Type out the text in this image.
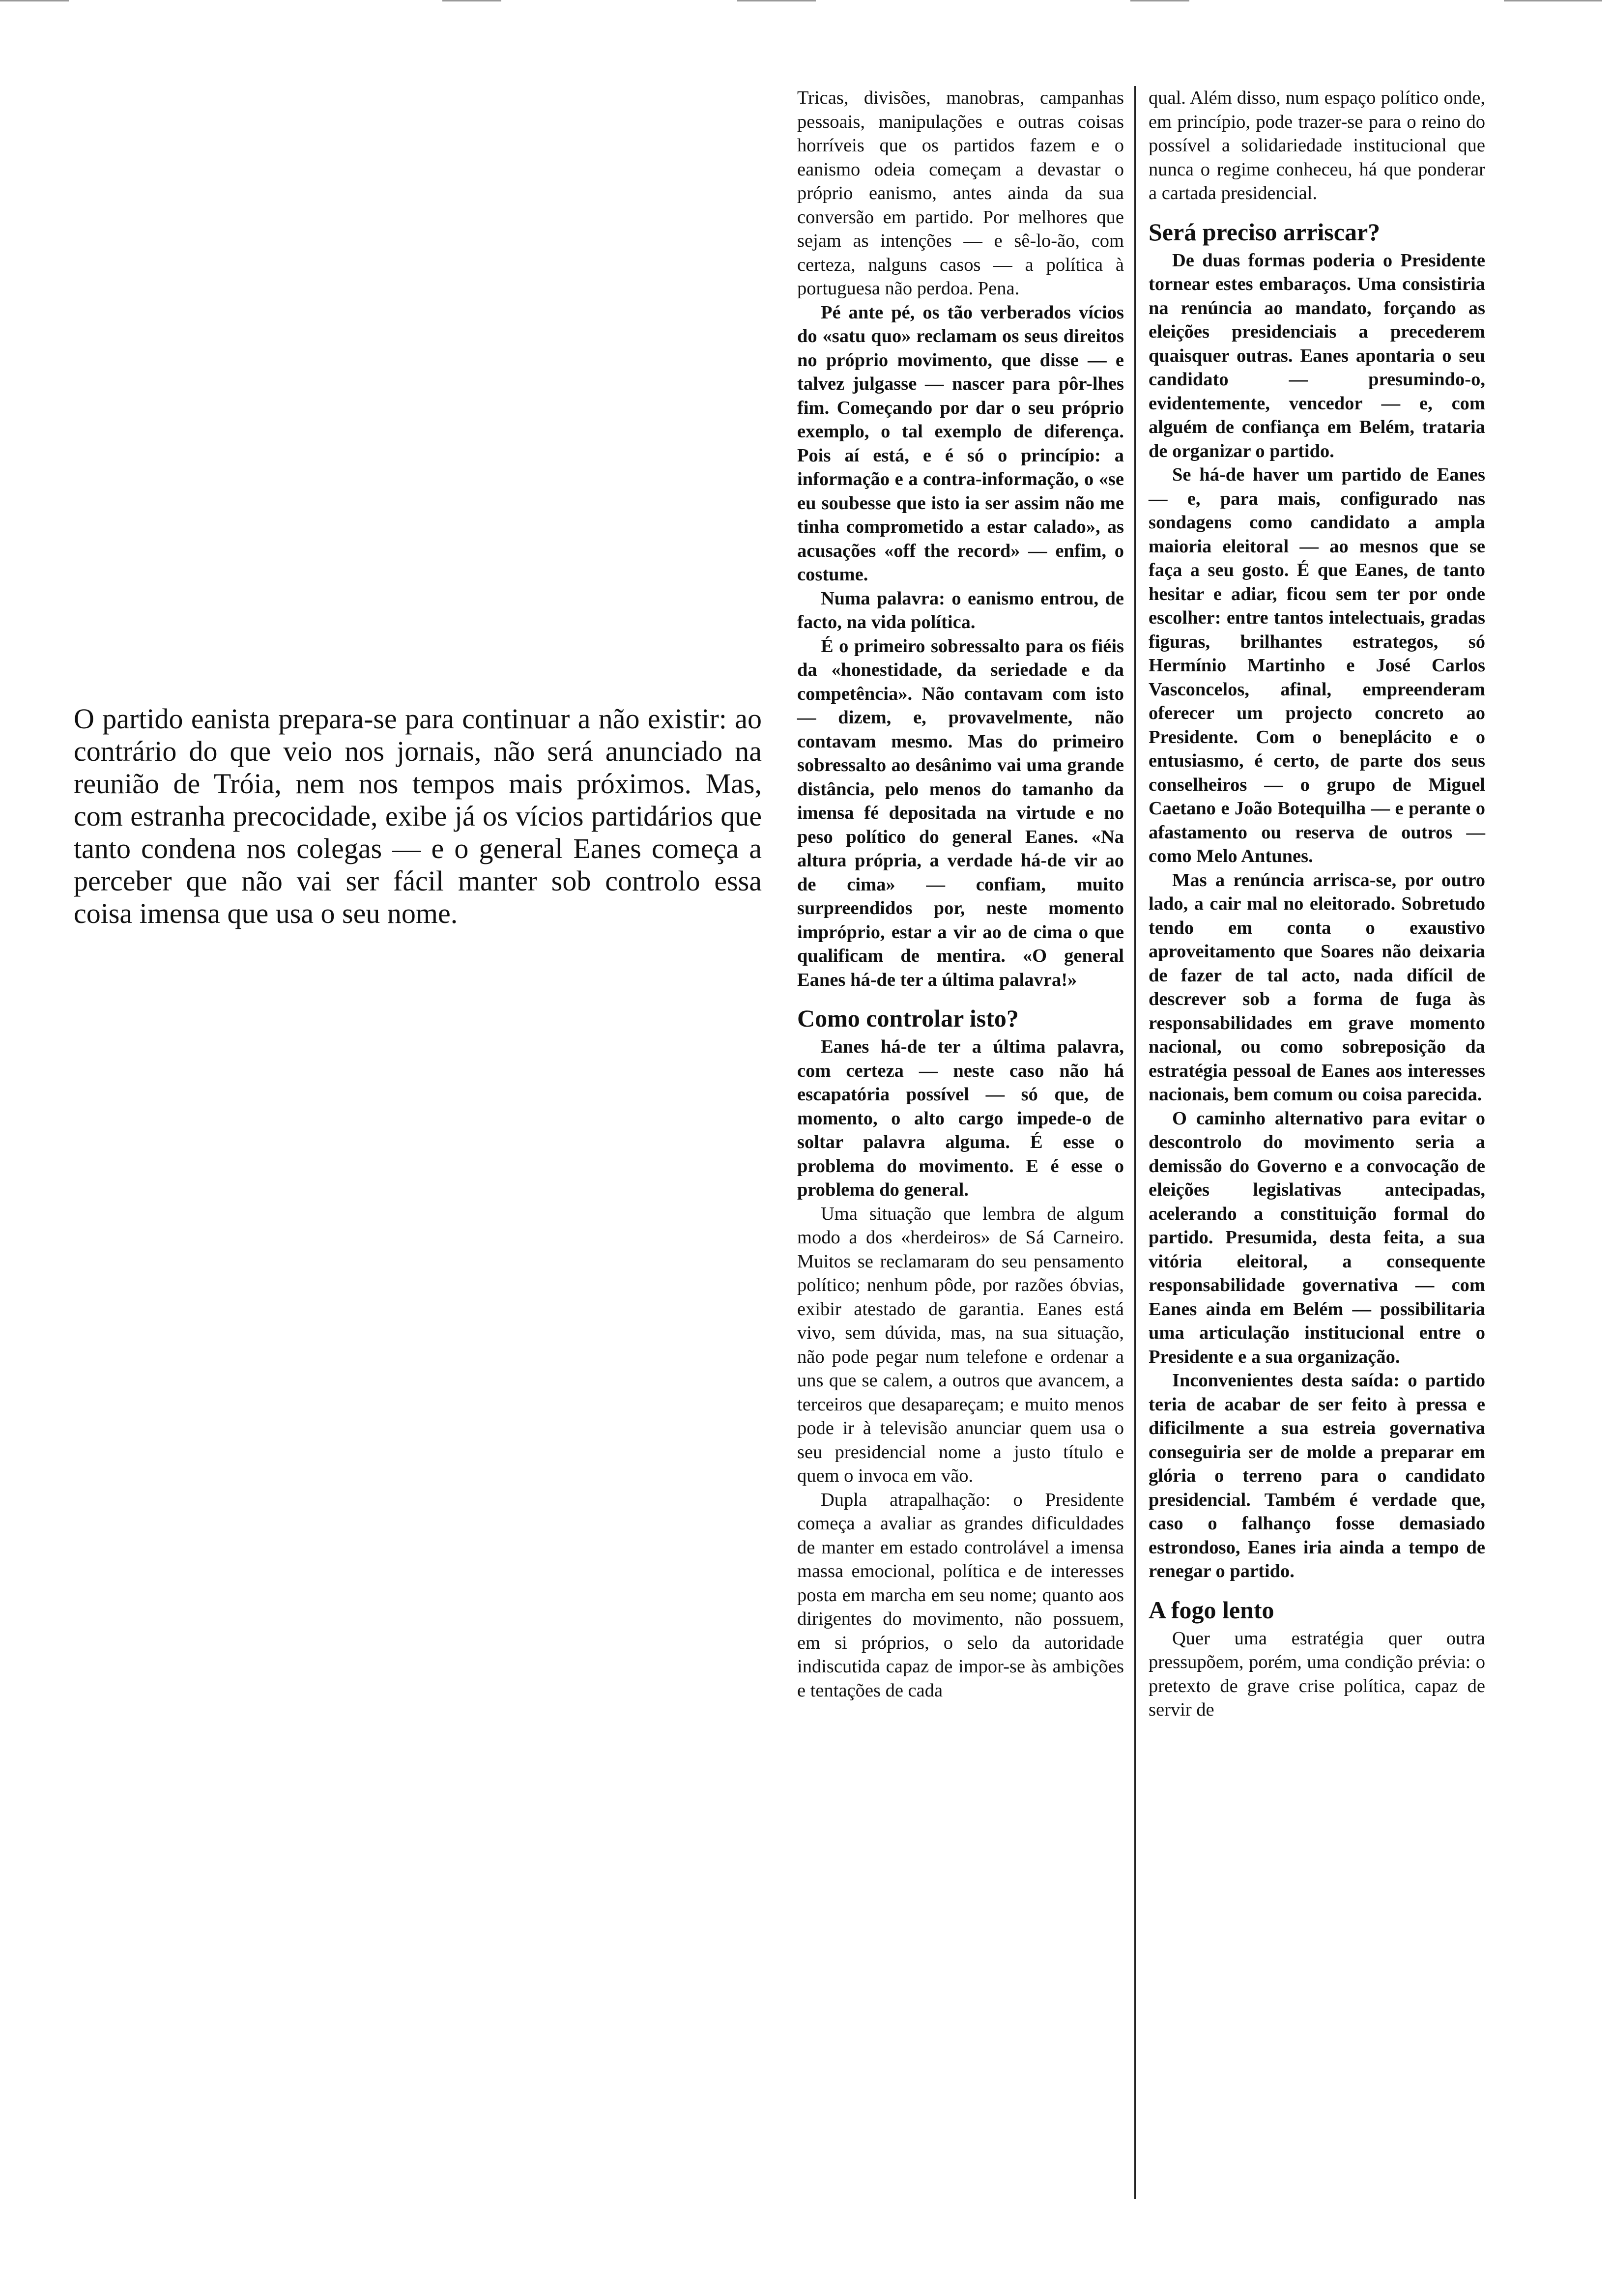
O partido eanista prepara-se para continuar a não existir: ao contrário do que veio nos jornais, não será anunciado na reunião de Tróia, nem nos tempos mais próximos. Mas, com estranha precocidade, exibe já os vícios partidários que tanto condena nos colegas — e o general Eanes começa a perceber que não vai ser fácil manter sob controlo essa coisa imensa que usa o seu nome.

Tricas, divisões, manobras, campanhas pessoais, manipulações e outras coisas horríveis que os partidos fazem e o eanismo odeia começam a devastar o próprio eanismo, antes ainda da sua conversão em partido. Por melhores que sejam as intenções — e sê-lo-ão, com certeza, nalguns casos — a política à portuguesa não perdoa. Pena.

Pé ante pé, os tão verberados vícios do «satu quo» reclamam os seus direitos no próprio movimento, que disse — e talvez julgasse — nascer para pôr-lhes fim. Começando por dar o seu próprio exemplo, o tal exemplo de diferença. Pois aí está, e é só o princípio: a informação e a contra-informação, o «se eu soubesse que isto ia ser assim não me tinha comprometido a estar calado», as acusações «off the record» — enfim, o costume.

Numa palavra: o eanismo entrou, de facto, na vida política.

É o primeiro sobressalto para os fiéis da «honestidade, da seriedade e da competência». Não contavam com isto — dizem, e, provavelmente, não contavam mesmo. Mas do primeiro sobressalto ao desânimo vai uma grande distância, pelo menos do tamanho da imensa fé depositada na virtude e no peso político do general Eanes. «Na altura própria, a verdade há-de vir ao de cima» — confiam, muito surpreendidos por, neste momento impróprio, estar a vir ao de cima o que qualificam de mentira. «O general Eanes há-de ter a última palavra!»

Como controlar isto?

Eanes há-de ter a última palavra, com certeza — neste caso não há escapatória possível — só que, de momento, o alto cargo impede-o de soltar palavra alguma. É esse o problema do movimento. E é esse o problema do general.

Uma situação que lembra de algum modo a dos «herdeiros» de Sá Carneiro. Muitos se reclamaram do seu pensamento político; nenhum pôde, por razões óbvias, exibir atestado de garantia. Eanes está vivo, sem dúvida, mas, na sua situação, não pode pegar num telefone e ordenar a uns que se calem, a outros que avancem, a terceiros que desapareçam; e muito menos pode ir à televisão anunciar quem usa o seu presidencial nome a justo título e quem o invoca em vão.

Dupla atrapalhação: o Presidente começa a avaliar as grandes dificuldades de manter em estado controlável a imensa massa emocional, política e de interesses posta em marcha em seu nome; quanto aos dirigentes do movimento, não possuem, em si próprios, o selo da autoridade indiscutida capaz de impor-se às ambições e tentações de cada

qual. Além disso, num espaço político onde, em princípio, pode trazer-se para o reino do possível a solidariedade institucional que nunca o regime conheceu, há que ponderar a cartada presidencial.

Será preciso arriscar?

De duas formas poderia o Presidente tornear estes embaraços. Uma consistiria na renúncia ao mandato, forçando as eleições presidenciais a precederem quaisquer outras. Eanes apontaria o seu candidato — presumindo-o, evidentemente, vencedor — e, com alguém de confiança em Belém, trataria de organizar o partido.

Se há-de haver um partido de Eanes — e, para mais, configurado nas sondagens como candidato a ampla maioria eleitoral — ao mesnos que se faça a seu gosto. É que Eanes, de tanto hesitar e adiar, ficou sem ter por onde escolher: entre tantos intelectuais, gradas figuras, brilhantes estrategos, só Hermínio Martinho e José Carlos Vasconcelos, afinal, empreenderam oferecer um projecto concreto ao Presidente. Com o beneplácito e o entusiasmo, é certo, de parte dos seus conselheiros — o grupo de Miguel Caetano e João Botequilha — e perante o afastamento ou reserva de outros — como Melo Antunes.

Mas a renúncia arrisca-se, por outro lado, a cair mal no eleitorado. Sobretudo tendo em conta o exaustivo aproveitamento que Soares não deixaria de fazer de tal acto, nada difícil de descrever sob a forma de fuga às responsabilidades em grave momento nacional, ou como sobreposição da estratégia pessoal de Eanes aos interesses nacionais, bem comum ou coisa parecida.

O caminho alternativo para evitar o descontrolo do movimento seria a demissão do Governo e a convocação de eleições legislativas antecipadas, acelerando a constituição formal do partido. Presumida, desta feita, a sua vitória eleitoral, a consequente responsabilidade governativa — com Eanes ainda em Belém — possibilitaria uma articulação institucional entre o Presidente e a sua organização.

Inconvenientes desta saída: o partido teria de acabar de ser feito à pressa e dificilmente a sua estreia governativa conseguiria ser de molde a preparar em glória o terreno para o candidato presidencial. Também é verdade que, caso o falhanço fosse demasiado estrondoso, Eanes iria ainda a tempo de renegar o partido.

A fogo lento

Quer uma estratégia quer outra pressupõem, porém, uma condição prévia: o pretexto de grave crise política, capaz de servir de
